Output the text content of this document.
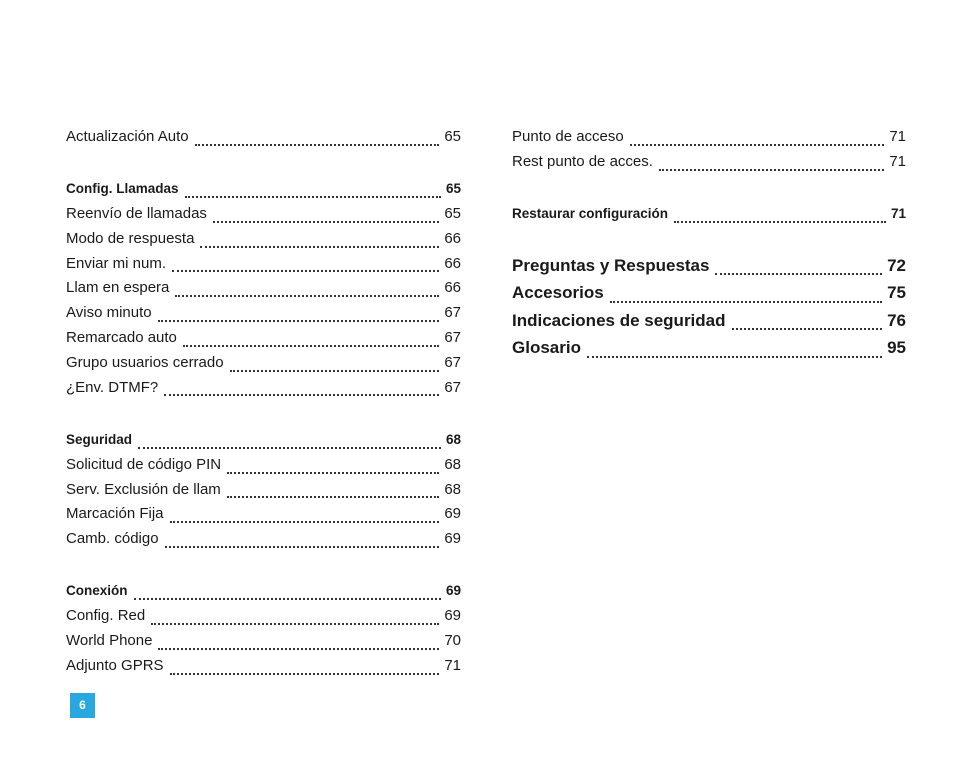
Actualización Auto	65
Config. Llamadas	65
Reenvío de llamadas	65
Modo de respuesta	66
Enviar mi num.	66
Llam en espera	66
Aviso minuto	67
Remarcado auto	67
Grupo usuarios cerrado	67
¿Env. DTMF?	67
Seguridad	68
Solicitud de código PIN	68
Serv. Exclusión de llam	68
Marcación Fija	69
Camb. código	69
Conexión	69
Config. Red	69
World Phone	70
Adjunto GPRS	71
Punto de acceso	71
Rest punto de acces.	71
Restaurar configuración	71
Preguntas y Respuestas	72
Accesorios	75
Indicaciones de seguridad	76
Glosario	95
6
